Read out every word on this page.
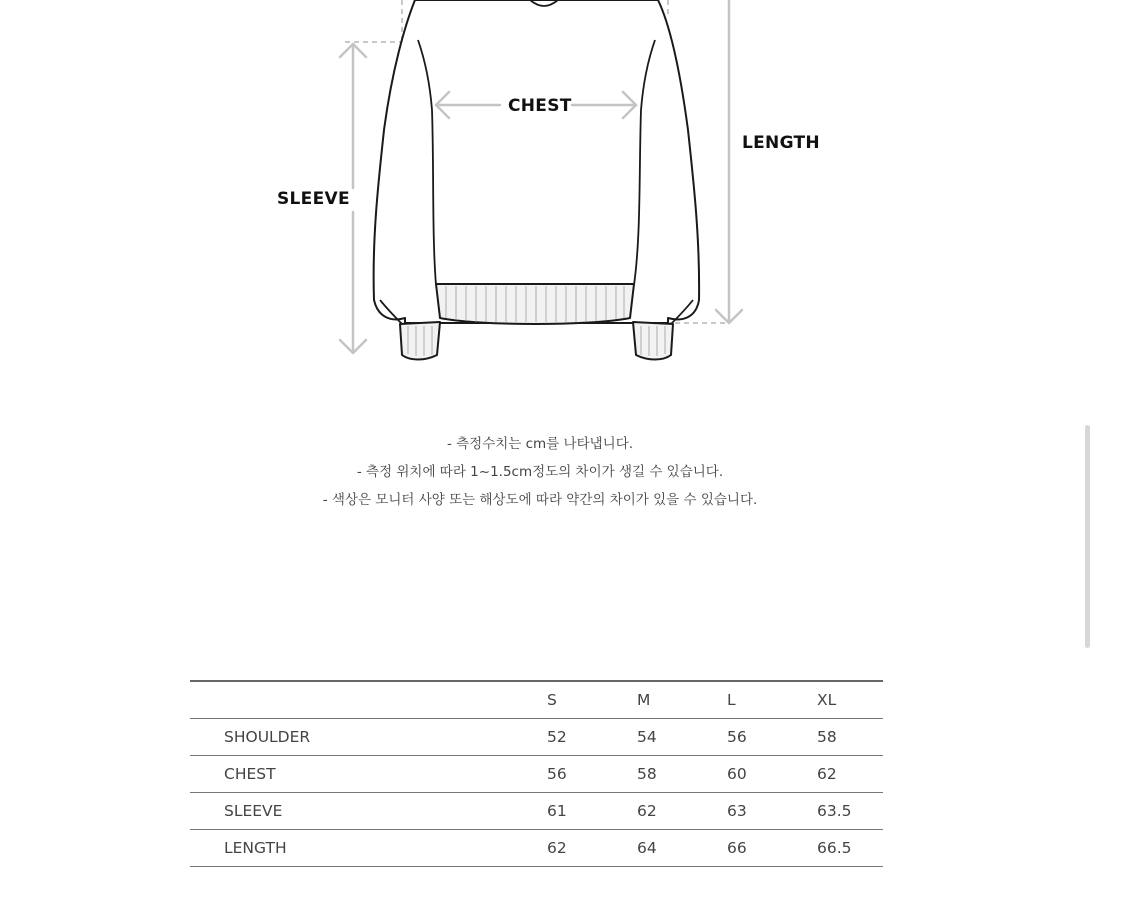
CHEST
LENGTH
SLEEVE

- 측정수치는 cm를 나타냅니다.

- 측정 위치에 따라 1~1.5cm정도의 차이가 생길 수 있습니다.

- 색상은 모니터 사양 또는 해상도에 따라 약간의 차이가 있을 수 있습니다.

	S	M	L	XL
SHOULDER	52	54	56	58
CHEST	56	58	60	62
SLEEVE	61	62	63	63.5
LENGTH	62	64	66	66.5
